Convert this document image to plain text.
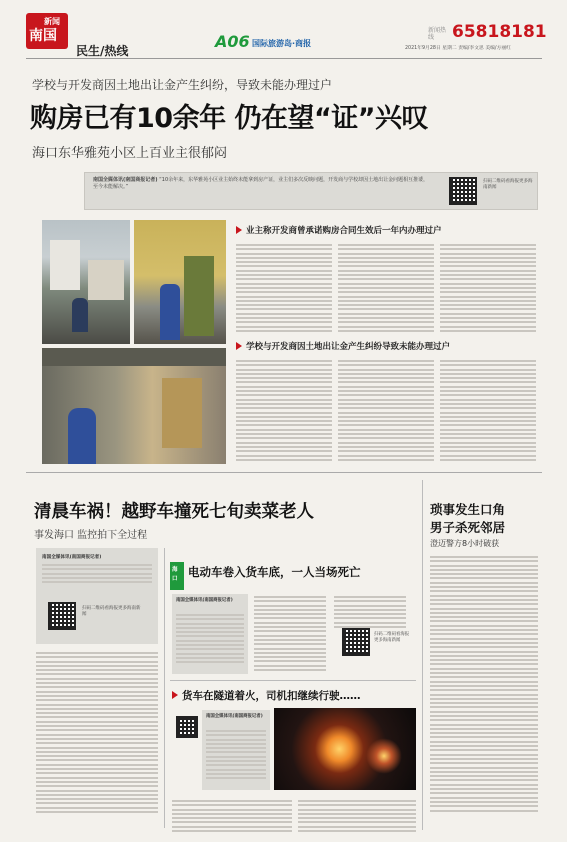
新闻
南国
民生/热线	A06 国际旅游岛·商报
新闻热线	65818181
2021年9月28日 星期二 责编/李文思 美编/方丽红
学校与开发商因土地出让金产生纠纷，导致未能办理过户
购房已有10余年 仍在望“证”兴叹
海口东华雅苑小区上百业主很郁闷
南国全媒体讯(南国商报记者) “10余年来，东华雅苑小区业主始终未能拿到房产证，业主们多次反映问题，开发商与学校却因土地出让金问题相互推诿，至今未能解决。”
扫码二维码看海报更多海南新闻
业主称开发商曾承诺购房合同生效后一年内办理过户
学校与开发商因土地出让金产生纠纷导致未能办理过户
清晨车祸！越野车撞死七旬卖菜老人
事发海口 监控拍下全过程
南国全媒体讯(南国商报记者)
扫码二维码看海报更多海南新闻
海口 电动车卷入货车底，一人当场死亡
南国全媒体讯(南国商报记者)
扫码二维码看海报更多海南新闻
货车在隧道着火，司机扣继续行驶……
南国全媒体讯(南国商报记者)
琐事发生口角
男子杀死邻居
澄迈警方8小时破获
